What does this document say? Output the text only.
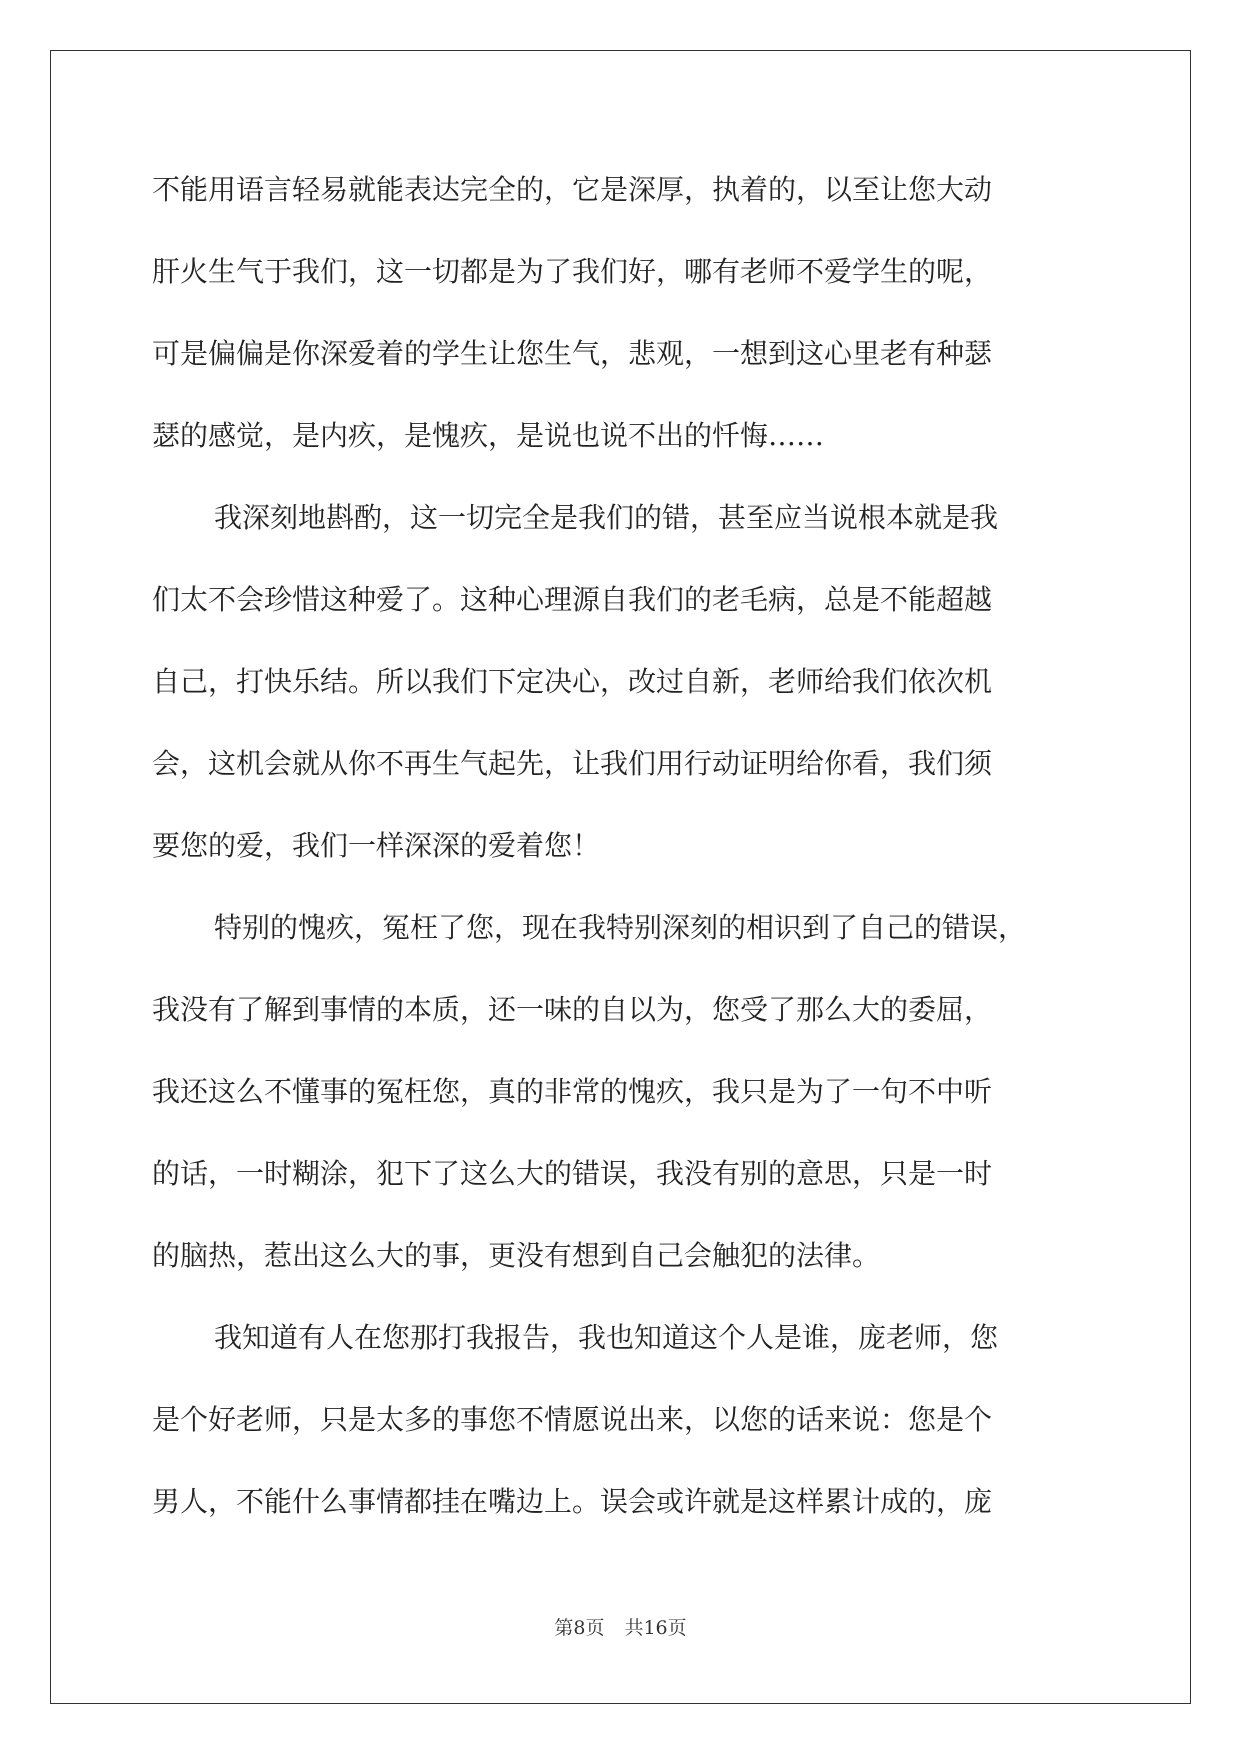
不能用语言轻易就能表达完全的，它是深厚，执着的，以至让您大动
肝火生气于我们，这一切都是为了我们好，哪有老师不爱学生的呢，
可是偏偏是你深爱着的学生让您生气，悲观，一想到这心里老有种瑟
瑟的感觉，是内疚，是愧疚，是说也说不出的忏悔……
我深刻地斟酌，这一切完全是我们的错，甚至应当说根本就是我
们太不会珍惜这种爱了。这种心理源自我们的老毛病，总是不能超越
自己，打快乐结。所以我们下定决心，改过自新，老师给我们依次机
会，这机会就从你不再生气起先，让我们用行动证明给你看，我们须
要您的爱，我们一样深深的爱着您！
特别的愧疚，冤枉了您，现在我特别深刻的相识到了自己的错误，
我没有了解到事情的本质，还一味的自以为，您受了那么大的委屈，
我还这么不懂事的冤枉您，真的非常的愧疚，我只是为了一句不中听
的话，一时糊涂，犯下了这么大的错误，我没有别的意思，只是一时
的脑热，惹出这么大的事，更没有想到自己会触犯的法律。
我知道有人在您那打我报告，我也知道这个人是谁，庞老师，您
是个好老师，只是太多的事您不情愿说出来，以您的话来说：您是个
男人，不能什么事情都挂在嘴边上。误会或许就是这样累计成的，庞
第8页 共16页
